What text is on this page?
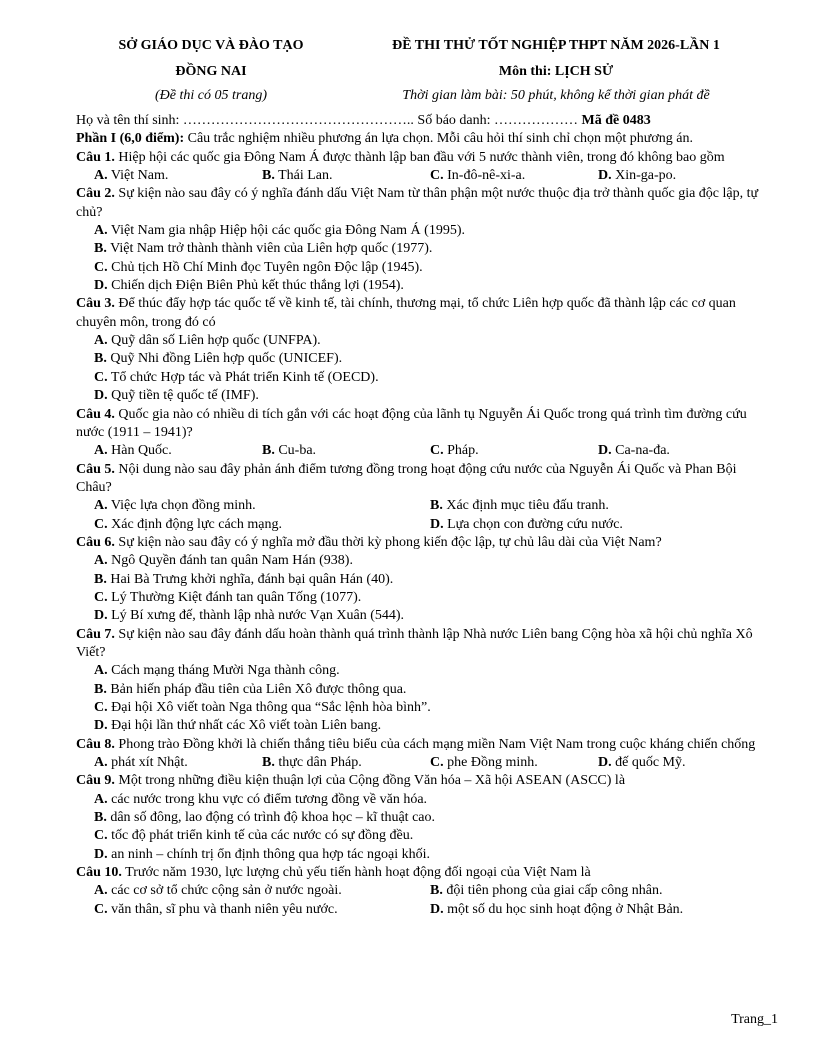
SỞ GIÁO DỤC VÀ ĐÀO TẠO
ĐỒNG NAI
(Đề thi có 05 trang)
ĐỀ THI THỬ TỐT NGHIỆP THPT NĂM 2026-LẦN 1
Môn thi: LỊCH SỬ
Thời gian làm bài: 50 phút, không kể thời gian phát đề
Họ và tên thí sinh: ………………………………………….. Số báo danh: ……………… Mã đề 0483
Phần I (6,0 điểm): Câu trắc nghiệm nhiều phương án lựa chọn. Mỗi câu hỏi thí sinh chỉ chọn một phương án.
Câu 1. Hiệp hội các quốc gia Đông Nam Á được thành lập ban đầu với 5 nước thành viên, trong đó không bao gồm
A. Việt Nam.	B. Thái Lan.	C. In-đô-nê-xi-a.	D. Xin-ga-po.
Câu 2. Sự kiện nào sau đây có ý nghĩa đánh dấu Việt Nam từ thân phận một nước thuộc địa trở thành quốc gia độc lập, tự chủ?
A. Việt Nam gia nhập Hiệp hội các quốc gia Đông Nam Á (1995).
B. Việt Nam trở thành thành viên của Liên hợp quốc (1977).
C. Chủ tịch Hồ Chí Minh đọc Tuyên ngôn Độc lập (1945).
D. Chiến dịch Điện Biên Phủ kết thúc thắng lợi (1954).
Câu 3. Để thúc đẩy hợp tác quốc tế về kinh tế, tài chính, thương mại, tổ chức Liên hợp quốc đã thành lập các cơ quan chuyên môn, trong đó có
A. Quỹ dân số Liên hợp quốc (UNFPA).
B. Quỹ Nhi đồng Liên hợp quốc (UNICEF).
C. Tổ chức Hợp tác và Phát triển Kinh tế (OECD).
D. Quỹ tiền tệ quốc tế (IMF).
Câu 4. Quốc gia nào có nhiều di tích gắn với các hoạt động của lãnh tụ Nguyễn Ái Quốc trong quá trình tìm đường cứu nước (1911 – 1941)?
A. Hàn Quốc.	B. Cu-ba.	C. Pháp.	D. Ca-na-đa.
Câu 5. Nội dung nào sau đây phản ánh điểm tương đồng trong hoạt động cứu nước của Nguyễn Ái Quốc và Phan Bội Châu?
A. Việc lựa chọn đồng minh.	B. Xác định mục tiêu đấu tranh.
C. Xác định động lực cách mạng.	D. Lựa chọn con đường cứu nước.
Câu 6. Sự kiện nào sau đây có ý nghĩa mở đầu thời kỳ phong kiến độc lập, tự chủ lâu dài của Việt Nam?
A. Ngô Quyền đánh tan quân Nam Hán (938).
B. Hai Bà Trưng khởi nghĩa, đánh bại quân Hán (40).
C. Lý Thường Kiệt đánh tan quân Tống (1077).
D. Lý Bí xưng đế, thành lập nhà nước Vạn Xuân (544).
Câu 7. Sự kiện nào sau đây đánh dấu hoàn thành quá trình thành lập Nhà nước Liên bang Cộng hòa xã hội chủ nghĩa Xô Viết?
A. Cách mạng tháng Mười Nga thành công.
B. Bản hiến pháp đầu tiên của Liên Xô được thông qua.
C. Đại hội Xô viết toàn Nga thông qua “Sắc lệnh hòa bình”.
D. Đại hội lần thứ nhất các Xô viết toàn Liên bang.
Câu 8. Phong trào Đồng khởi là chiến thắng tiêu biểu của cách mạng miền Nam Việt Nam trong cuộc kháng chiến chống
A. phát xít Nhật.	B. thực dân Pháp.	C. phe Đồng minh.	D. đế quốc Mỹ.
Câu 9. Một trong những điều kiện thuận lợi của Cộng đồng Văn hóa – Xã hội ASEAN (ASCC) là
A. các nước trong khu vực có điểm tương đồng về văn hóa.
B. dân số đông, lao động có trình độ khoa học – kĩ thuật cao.
C. tốc độ phát triển kinh tế của các nước có sự đồng đều.
D. an ninh – chính trị ổn định thông qua hợp tác ngoại khối.
Câu 10. Trước năm 1930, lực lượng chủ yếu tiến hành hoạt động đối ngoại của Việt Nam là
A. các cơ sở tổ chức cộng sản ở nước ngoài.	B. đội tiên phong của giai cấp công nhân.
C. văn thân, sĩ phu và thanh niên yêu nước.	D. một số du học sinh hoạt động ở Nhật Bản.
Trang_1
